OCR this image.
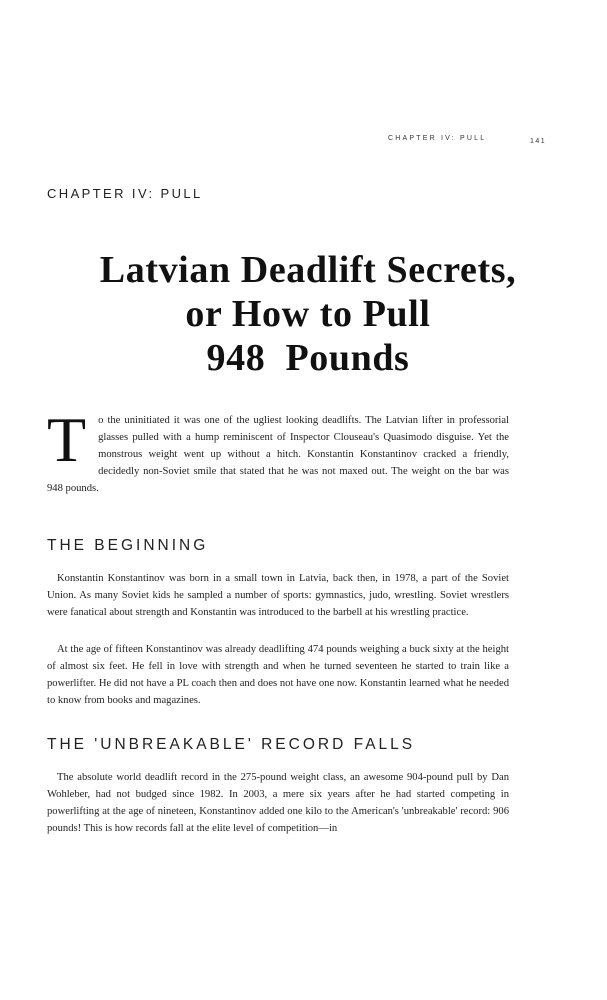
CHAPTER IV: PULL	141
CHAPTER IV: PULL
Latvian Deadlift Secrets,
or How to Pull
948 Pounds
T o the uninitiated it was one of the ugliest looking deadlifts. The Latvian lifter in professorial glasses pulled with a hump reminiscent of Inspector Clouseau's Quasimodo disguise. Yet the monstrous weight went up without a hitch. Konstantin Konstantinov cracked a friendly, decidedly non-Soviet smile that stated that he was not maxed out. The weight on the bar was 948 pounds.
THE BEGINNING

Konstantin Konstantinov was born in a small town in Latvia, back then, in 1978, a part of the Soviet Union. As many Soviet kids he sampled a number of sports: gymnastics, judo, wrestling. Soviet wrestlers were fanatical about strength and Konstantin was introduced to the barbell at his wrestling practice.

At the age of fifteen Konstantinov was already deadlifting 474 pounds weighing a buck sixty at the height of almost six feet. He fell in love with strength and when he turned seventeen he started to train like a powerlifter. He did not have a PL coach then and does not have one now. Konstantin learned what he needed to know from books and magazines.

THE 'UNBREAKABLE' RECORD FALLS

The absolute world deadlift record in the 275-pound weight class, an awesome 904-pound pull by Dan Wohleber, had not budged since 1982. In 2003, a mere six years after he had started competing in powerlifting at the age of nineteen, Konstantinov added one kilo to the American's 'unbreakable' record: 906 pounds! This is how records fall at the elite level of competition—in
